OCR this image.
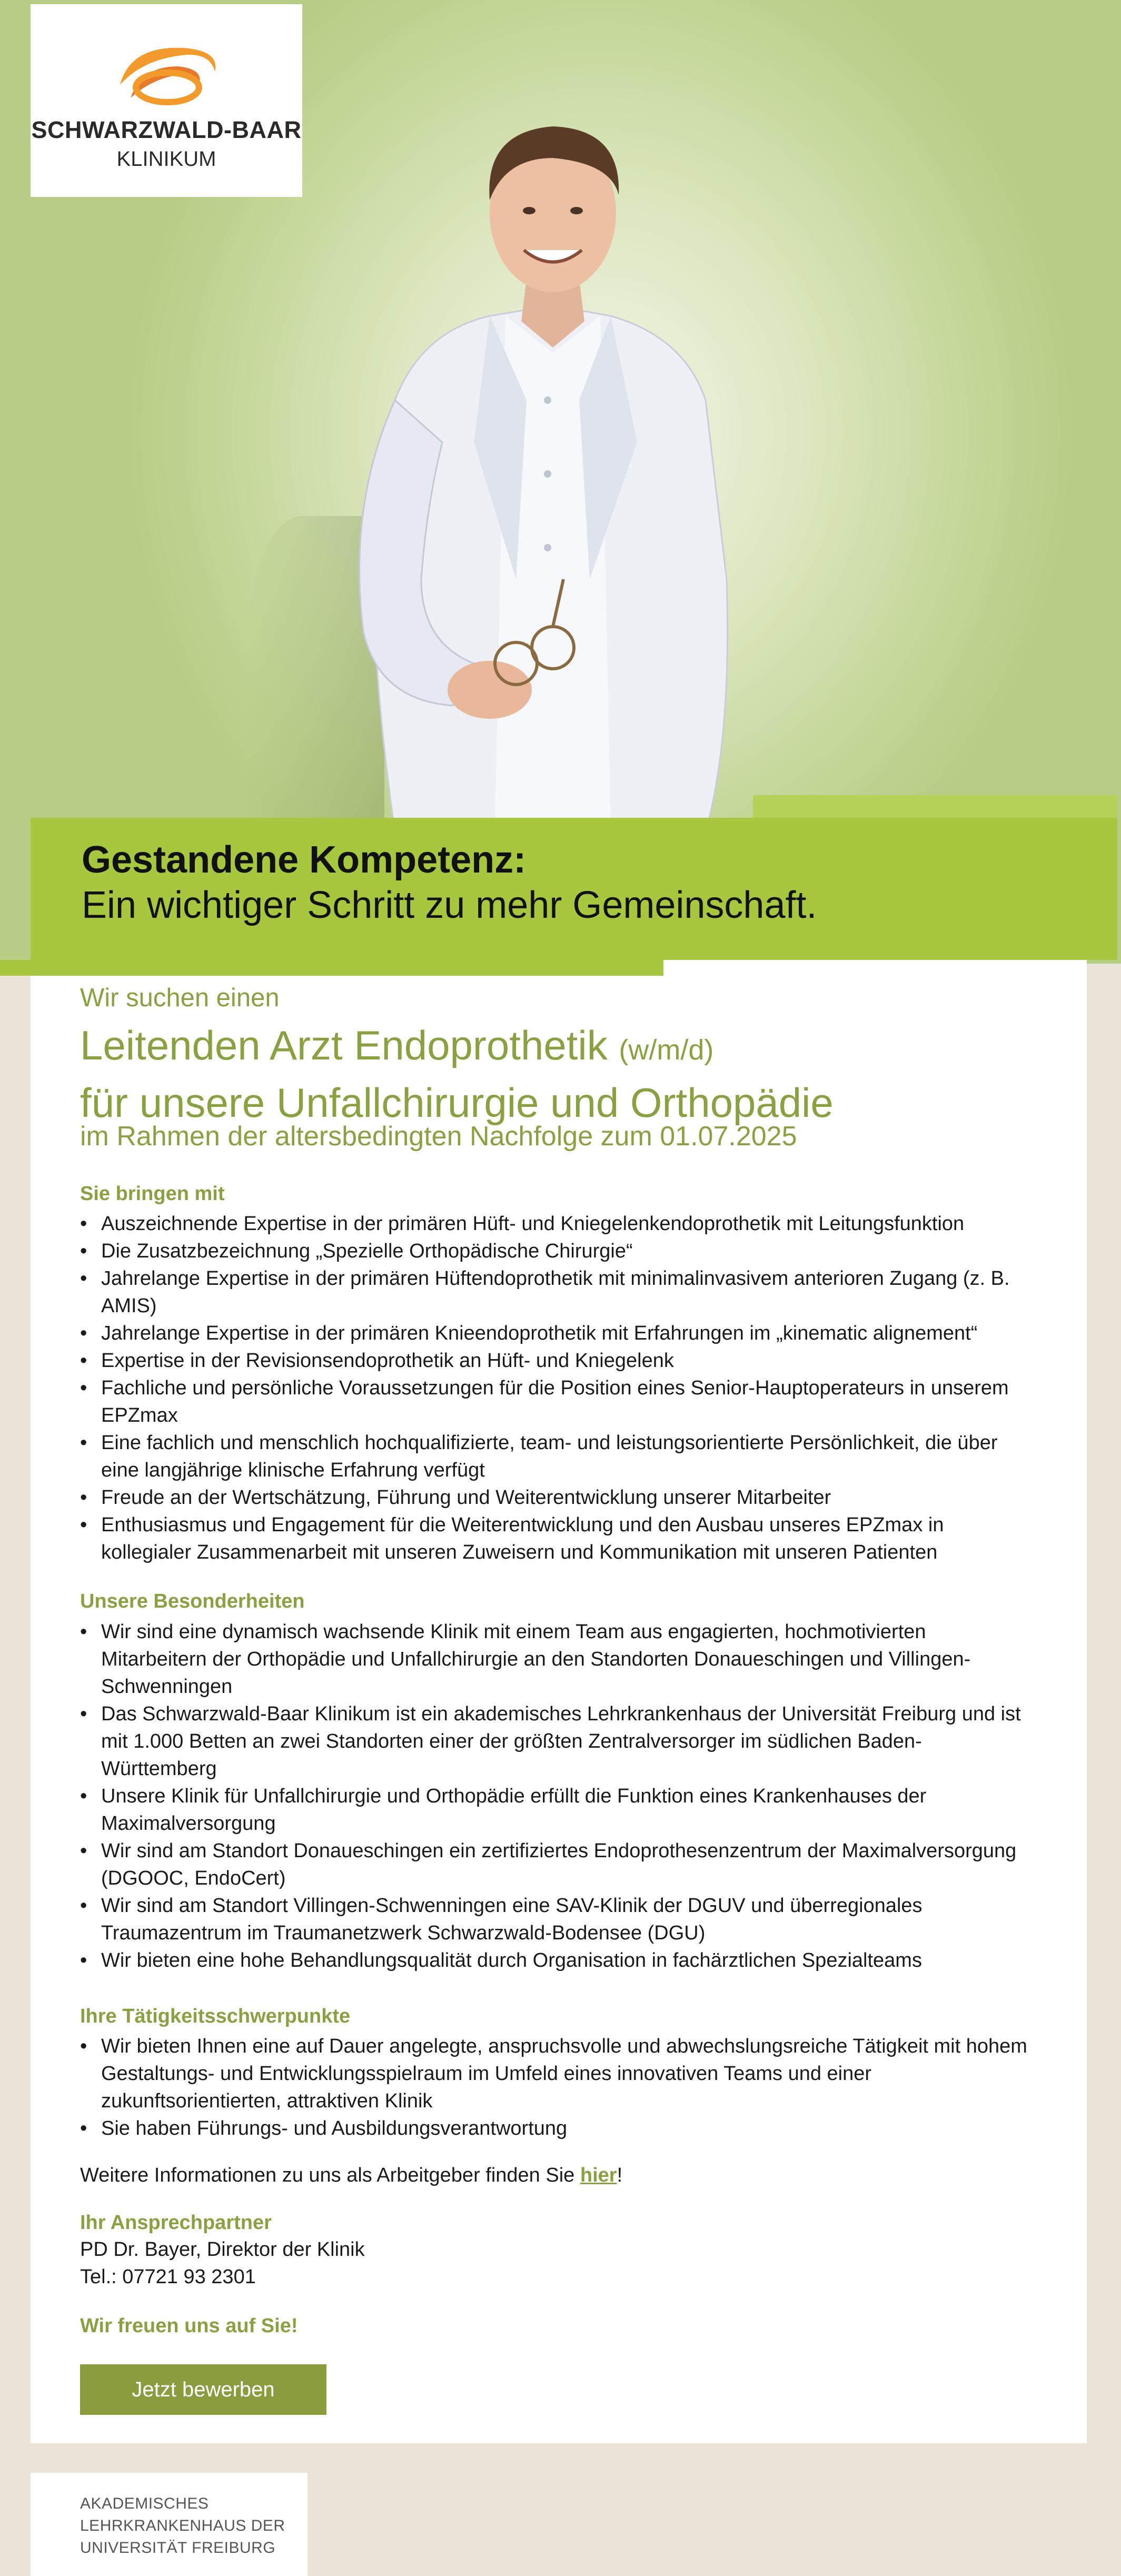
SCHWARZWALD-BAAR
KLINIKUM
Gestandene Kompetenz:
Ein wichtiger Schritt zu mehr Gemeinschaft.
Wir suchen einen
Leitenden Arzt Endoprothetik (w/m/d)
für unsere Unfallchirurgie und Orthopädie
im Rahmen der altersbedingten Nachfolge zum 01.07.2025
Sie bringen mit
• Auszeichnende Expertise in der primären Hüft- und Kniegelenkendoprothetik mit Leitungsfunktion
• Die Zusatzbezeichnung „Spezielle Orthopädische Chirurgie“
• Jahrelange Expertise in der primären Hüftendoprothetik mit minimalinvasivem anterioren Zugang (z. B. AMIS)
• Jahrelange Expertise in der primären Knieendoprothetik mit Erfahrungen im „kinematic alignement“
• Expertise in der Revisionsendoprothetik an Hüft- und Kniegelenk
• Fachliche und persönliche Voraussetzungen für die Position eines Senior-Hauptoperateurs in unserem EPZmax
• Eine fachlich und menschlich hochqualifizierte, team- und leistungsorientierte Persönlichkeit, die über eine langjährige klinische Erfahrung verfügt
• Freude an der Wertschätzung, Führung und Weiterentwicklung unserer Mitarbeiter
• Enthusiasmus und Engagement für die Weiterentwicklung und den Ausbau unseres EPZmax in kollegialer Zusammenarbeit mit unseren Zuweisern und Kommunikation mit unseren Patienten
Unsere Besonderheiten
• Wir sind eine dynamisch wachsende Klinik mit einem Team aus engagierten, hochmotivierten Mitarbeitern der Orthopädie und Unfallchirurgie an den Standorten Donaueschingen und Villingen-Schwenningen
• Das Schwarzwald-Baar Klinikum ist ein akademisches Lehrkrankenhaus der Universität Freiburg und ist mit 1.000 Betten an zwei Standorten einer der größten Zentralversorger im südlichen Baden-Württemberg
• Unsere Klinik für Unfallchirurgie und Orthopädie erfüllt die Funktion eines Krankenhauses der Maximalversorgung
• Wir sind am Standort Donaueschingen ein zertifiziertes Endoprothesenzentrum der Maximalversorgung (DGOOC, EndoCert)
• Wir sind am Standort Villingen-Schwenningen eine SAV-Klinik der DGUV und überregionales Traumazentrum im Traumanetzwerk Schwarzwald-Bodensee (DGU)
• Wir bieten eine hohe Behandlungsqualität durch Organisation in fachärztlichen Spezialteams
Ihre Tätigkeitsschwerpunkte
• Wir bieten Ihnen eine auf Dauer angelegte, anspruchsvolle und abwechslungsreiche Tätigkeit mit hohem Gestaltungs- und Entwicklungsspielraum im Umfeld eines innovativen Teams und einer zukunftsorientierten, attraktiven Klinik
• Sie haben Führungs- und Ausbildungsverantwortung
Weitere Informationen zu uns als Arbeitgeber finden Sie hier!
Ihr Ansprechpartner
PD Dr. Bayer, Direktor der Klinik
Tel.: 07721 93 2301
Wir freuen uns auf Sie!
Jetzt bewerben
AKADEMISCHES
LEHRKRANKENHAUS DER
UNIVERSITÄT FREIBURG
